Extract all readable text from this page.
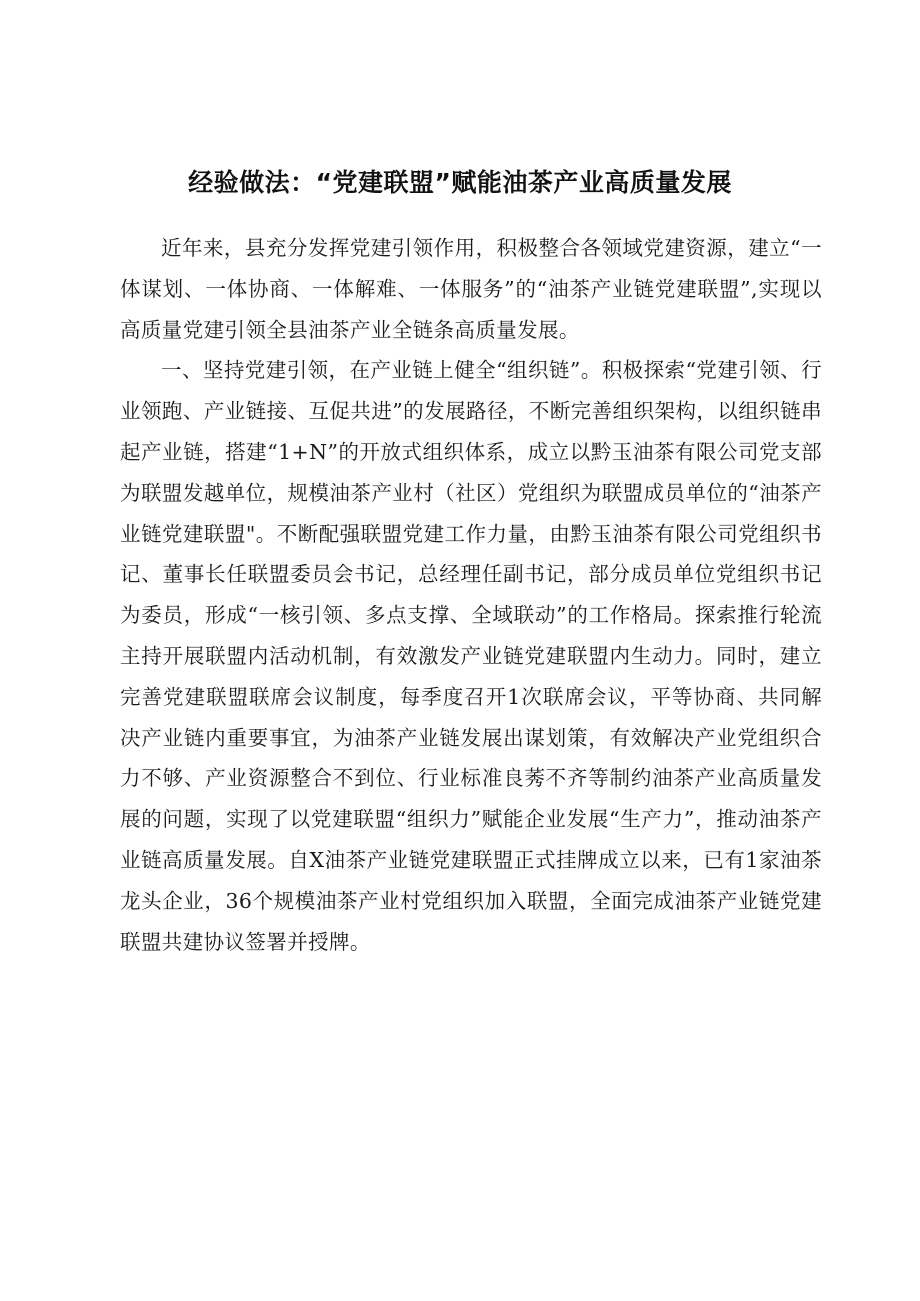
经验做法：“党建联盟”赋能油茶产业高质量发展

近年来，县充分发挥党建引领作用，积极整合各领域党建资源，建立“一体谋划、一体协商、一体解难、一体服务”的“油茶产业链党建联盟”,实现以高质量党建引领全县油茶产业全链条高质量发展。

一、坚持党建引领，在产业链上健全“组织链”。积极探索“党建引领、行业领跑、产业链接、互促共进”的发展路径，不断完善组织架构，以组织链串起产业链，搭建“1+N”的开放式组织体系，成立以黔玉油茶有限公司党支部为联盟发越单位，规模油茶产业村（社区）党组织为联盟成员单位的“油茶产业链党建联盟"。不断配强联盟党建工作力量，由黔玉油茶有限公司党组织书记、董事长任联盟委员会书记，总经理任副书记，部分成员单位党组织书记为委员，形成“一核引领、多点支撑、全域联动”的工作格局。探索推行轮流主持开展联盟内活动机制，有效激发产业链党建联盟内生动力。同时，建立完善党建联盟联席会议制度，每季度召开1次联席会议，平等协商、共同解决产业链内重要事宜，为油茶产业链发展出谋划策，有效解决产业党组织合力不够、产业资源整合不到位、行业标准良莠不齐等制约油茶产业高质量发展的问题，实现了以党建联盟“组织力”赋能企业发展“生产力”，推动油茶产业链高质量发展。自X油茶产业链党建联盟正式挂牌成立以来，已有1家油茶龙头企业，36个规模油茶产业村党组织加入联盟，全面完成油茶产业链党建联盟共建协议签署并授牌。
